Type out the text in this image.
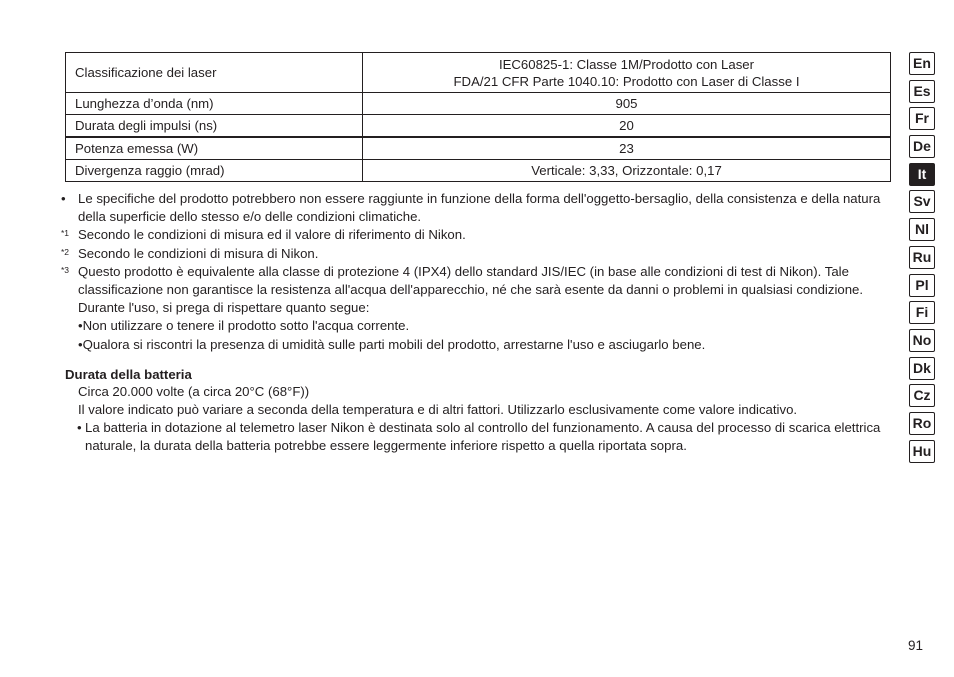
Classificazione dei laser	IEC60825-1: Classe 1M/Prodotto con Laser
FDA/21 CFR Parte 1040.10: Prodotto con Laser di Classe I

Lunghezza d’onda (nm)	905
Durata degli impulsi (ns)	20
Potenza emessa (W)	23
Divergenza raggio (mrad)	Verticale: 3,33, Orizzontale: 0,17
• Le specifiche del prodotto potrebbero non essere raggiunte in funzione della forma dell'oggetto-bersaglio, della consistenza e della natura della superficie dello stesso e/o delle condizioni climatiche.
*1 Secondo le condizioni di misura ed il valore di riferimento di Nikon.
*2 Secondo le condizioni di misura di Nikon.
*3 Questo prodotto è equivalente alla classe di protezione 4 (IPX4) dello standard JIS/IEC (in base alle condizioni di test di Nikon). Tale classificazione non garantisce la resistenza all'acqua dell'apparecchio, né che sarà esente da danni o problemi in qualsiasi condizione. Durante l'uso, si prega di rispettare quanto segue:
•Non utilizzare o tenere il prodotto sotto l'acqua corrente.
•Qualora si riscontri la presenza di umidità sulle parti mobili del prodotto, arrestarne l'uso e asciugarlo bene.
Durata della batteria
Circa 20.000 volte (a circa 20°C (68°F))
Il valore indicato può variare a seconda della temperatura e di altri fattori. Utilizzarlo esclusivamente come valore indicativo.
• La batteria in dotazione al telemetro laser Nikon è destinata solo al controllo del funzionamento. A causa del processo di scarica elettrica naturale, la durata della batteria potrebbe essere leggermente inferiore rispetto a quella riportata sopra.
En
Es
Fr
De
It
Sv
Nl
Ru
Pl
Fi
No
Dk
Cz
Ro
Hu
91
